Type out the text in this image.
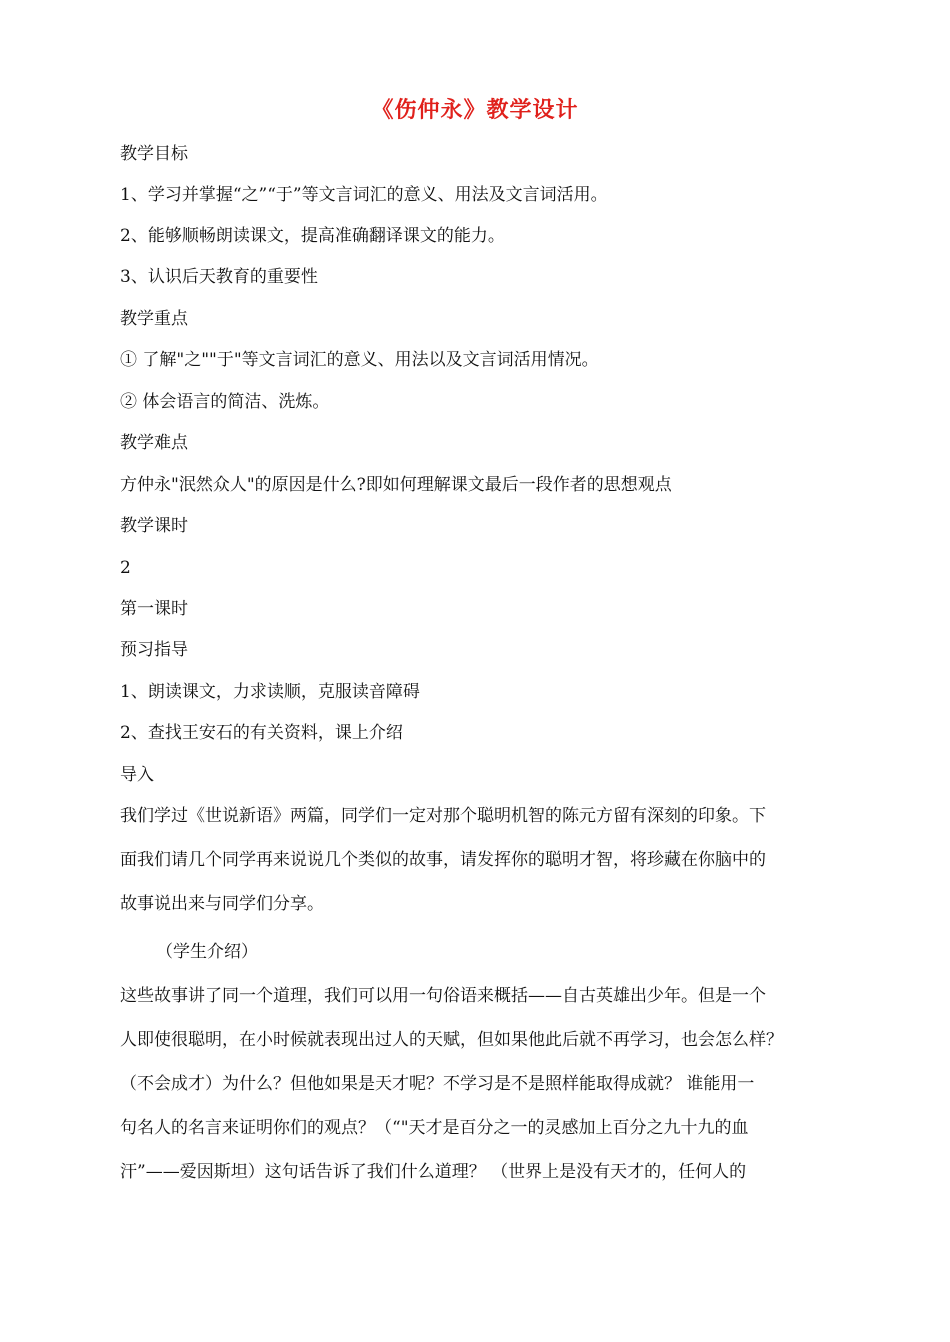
《伤仲永》教学设计

教学目标

1、学习并掌握“之”“于”等文言词汇的意义、用法及文言词活用。

2、能够顺畅朗读课文，提高准确翻译课文的能力。

3、认识后天教育的重要性

教学重点

① 了解"之""于"等文言词汇的意义、用法以及文言词活用情况。

② 体会语言的简洁、洗炼。

教学难点

方仲永"泯然众人"的原因是什么?即如何理解课文最后一段作者的思想观点

教学课时

2

第一课时

预习指导

1、朗读课文，力求读顺，克服读音障碍

2、查找王安石的有关资料，课上介绍

导入

我们学过《世说新语》两篇，同学们一定对那个聪明机智的陈元方留有深刻的印象。下
面我们请几个同学再来说说几个类似的故事，请发挥你的聪明才智，将珍藏在你脑中的
故事说出来与同学们分享。

（学生介绍）

这些故事讲了同一个道理，我们可以用一句俗语来概括——自古英雄出少年。但是一个
人即使很聪明，在小时候就表现出过人的天赋，但如果他此后就不再学习，也会怎么样？
（不会成才）为什么？但他如果是天才呢？不学习是不是照样能取得成就？ 谁能用一
句名人的名言来证明你们的观点？（“"天才是百分之一的灵感加上百分之九十九的血
汗”——爱因斯坦）这句话告诉了我们什么道理？ （世界上是没有天才的，任何人的
